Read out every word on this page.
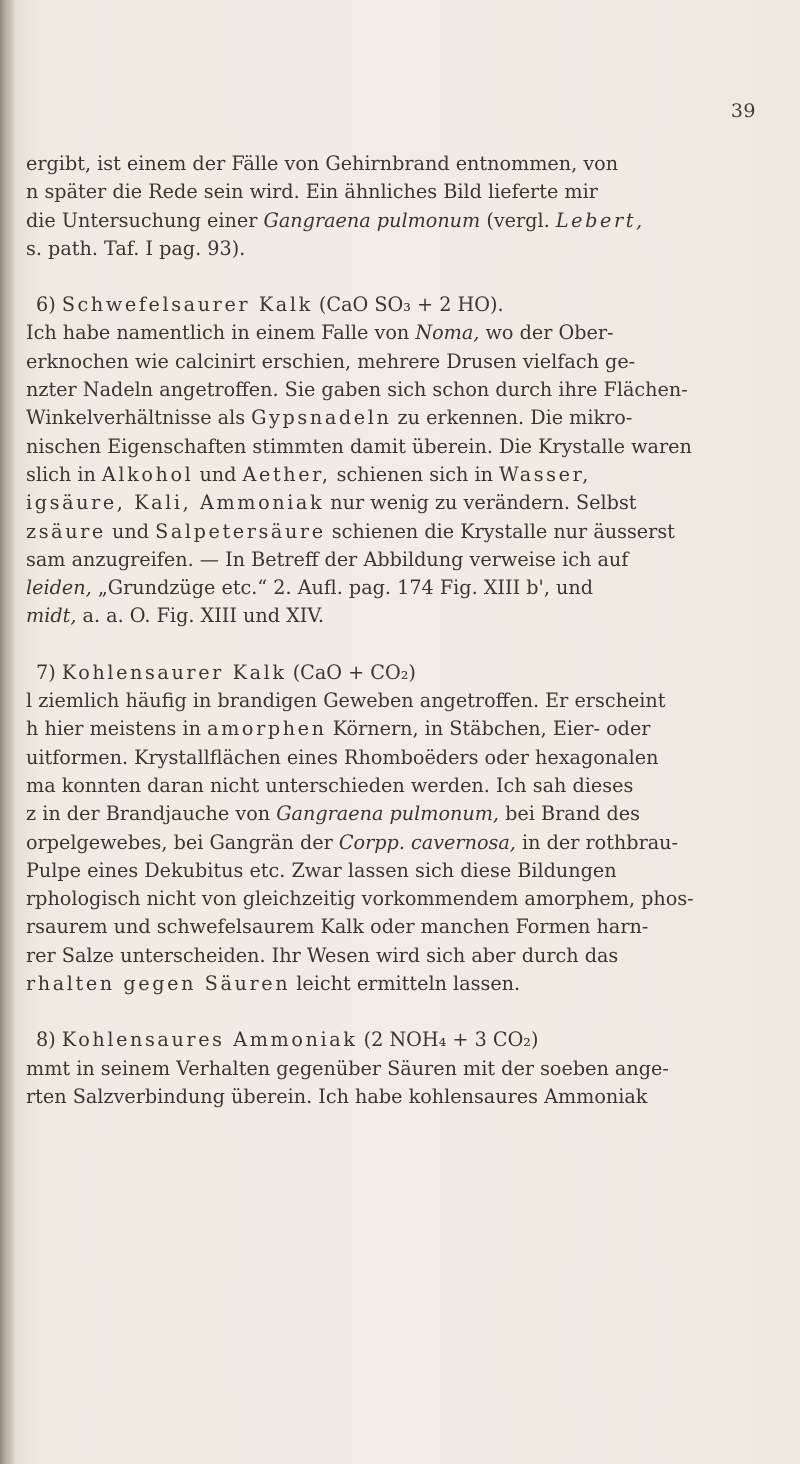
39
ergibt, ist einem der Fälle von Gehirnbrand entnommen, von
n später die Rede sein wird. Ein ähnliches Bild lieferte mir
die Untersuchung einer Gangraena pulmonum (vergl. Lebert,
s. path. Taf. I pag. 93).
6) Schwefelsaurer Kalk (CaO SO₃ + 2 HO).
Ich habe namentlich in einem Falle von Noma, wo der Ober-
erknochen wie calcinirt erschien, mehrere Drusen vielfach ge-
nzter Nadeln angetroffen. Sie gaben sich schon durch ihre Flächen-
Winkelverhältnisse als Gypsnadeln zu erkennen. Die mikro-
nischen Eigenschaften stimmten damit überein. Die Krystalle waren
slich in Alkohol und Aether, schienen sich in Wasser,
igsäure, Kali, Ammoniak nur wenig zu verändern. Selbst
zsäure und Salpetersäure schienen die Krystalle nur äusserst
sam anzugreifen. — In Betreff der Abbildung verweise ich auf
leiden, „Grundzüge etc.“ 2. Aufl. pag. 174 Fig. XIII b', und
midt, a. a. O. Fig. XIII und XIV.
7) Kohlensaurer Kalk (CaO + CO₂)
l ziemlich häufig in brandigen Geweben angetroffen. Er erscheint
h hier meistens in amorphen Körnern, in Stäbchen, Eier- oder
uitformen. Krystallflächen eines Rhomboëders oder hexagonalen
ma konnten daran nicht unterschieden werden. Ich sah dieses
z in der Brandjauche von Gangraena pulmonum, bei Brand des
orpelgewebes, bei Gangrän der Corpp. cavernosa, in der rothbrau-
Pulpe eines Dekubitus etc. Zwar lassen sich diese Bildungen
rphologisch nicht von gleichzeitig vorkommendem amorphem, phos-
rsaurem und schwefelsaurem Kalk oder manchen Formen harn-
rer Salze unterscheiden. Ihr Wesen wird sich aber durch das
rhalten gegen Säuren leicht ermitteln lassen.
8) Kohlensaures Ammoniak (2 NOH₄ + 3 CO₂)
mmt in seinem Verhalten gegenüber Säuren mit der soeben ange-
rten Salzverbindung überein. Ich habe kohlensaures Ammoniak
